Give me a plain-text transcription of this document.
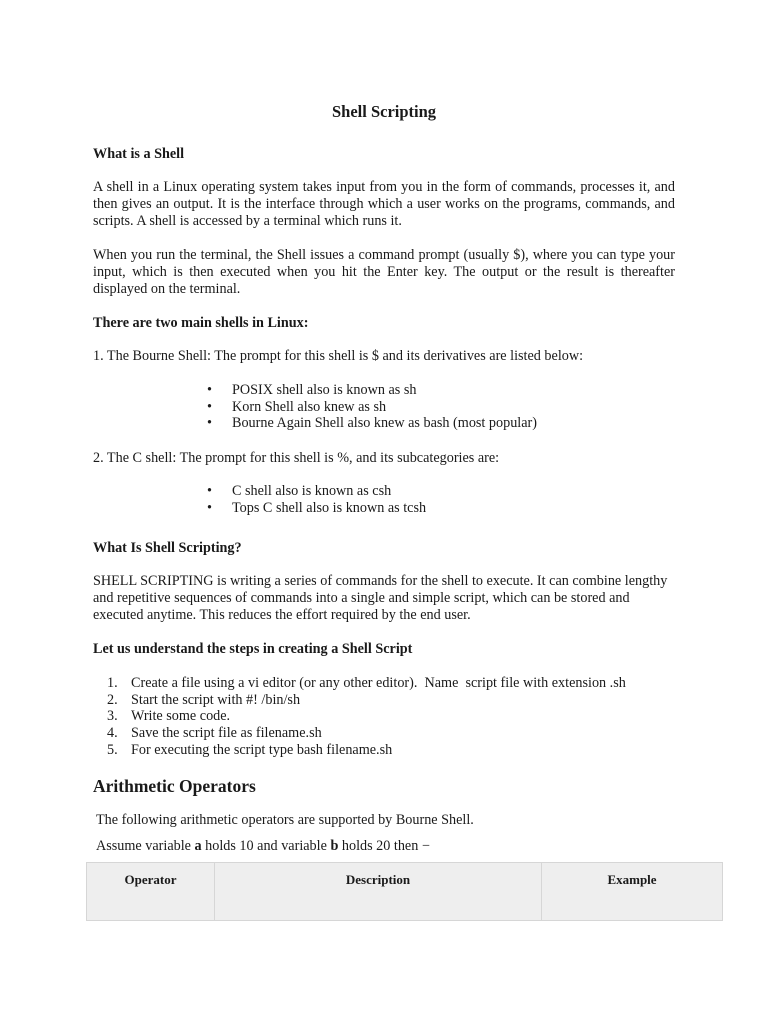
Shell Scripting

What is a Shell

A shell in a Linux operating system takes input from you in the form of commands, processes it, and then gives an output. It is the interface through which a user works on the programs, commands, and scripts. A shell is accessed by a terminal which runs it.

When you run the terminal, the Shell issues a command prompt (usually $), where you can type your input, which is then executed when you hit the Enter key. The output or the result is thereafter displayed on the terminal.

There are two main shells in Linux:

1. The Bourne Shell: The prompt for this shell is $ and its derivatives are listed below:

• POSIX shell also is known as sh
• Korn Shell also knew as sh
• Bourne Again Shell also knew as bash (most popular)

2. The C shell: The prompt for this shell is %, and its subcategories are:

• C shell also is known as csh
• Tops C shell also is known as tcsh

What Is Shell Scripting?

SHELL SCRIPTING is writing a series of commands for the shell to execute. It can combine lengthy and repetitive sequences of commands into a single and simple script, which can be stored and executed anytime. This reduces the effort required by the end user.

Let us understand the steps in creating a Shell Script

1. Create a file using a vi editor (or any other editor).  Name  script file with extension .sh
2. Start the script with #! /bin/sh
3. Write some code.
4. Save the script file as filename.sh
5. For executing the script type bash filename.sh

Arithmetic Operators

The following arithmetic operators are supported by Bourne Shell.

Assume variable a holds 10 and variable b holds 20 then −

Operator	Description	Example
